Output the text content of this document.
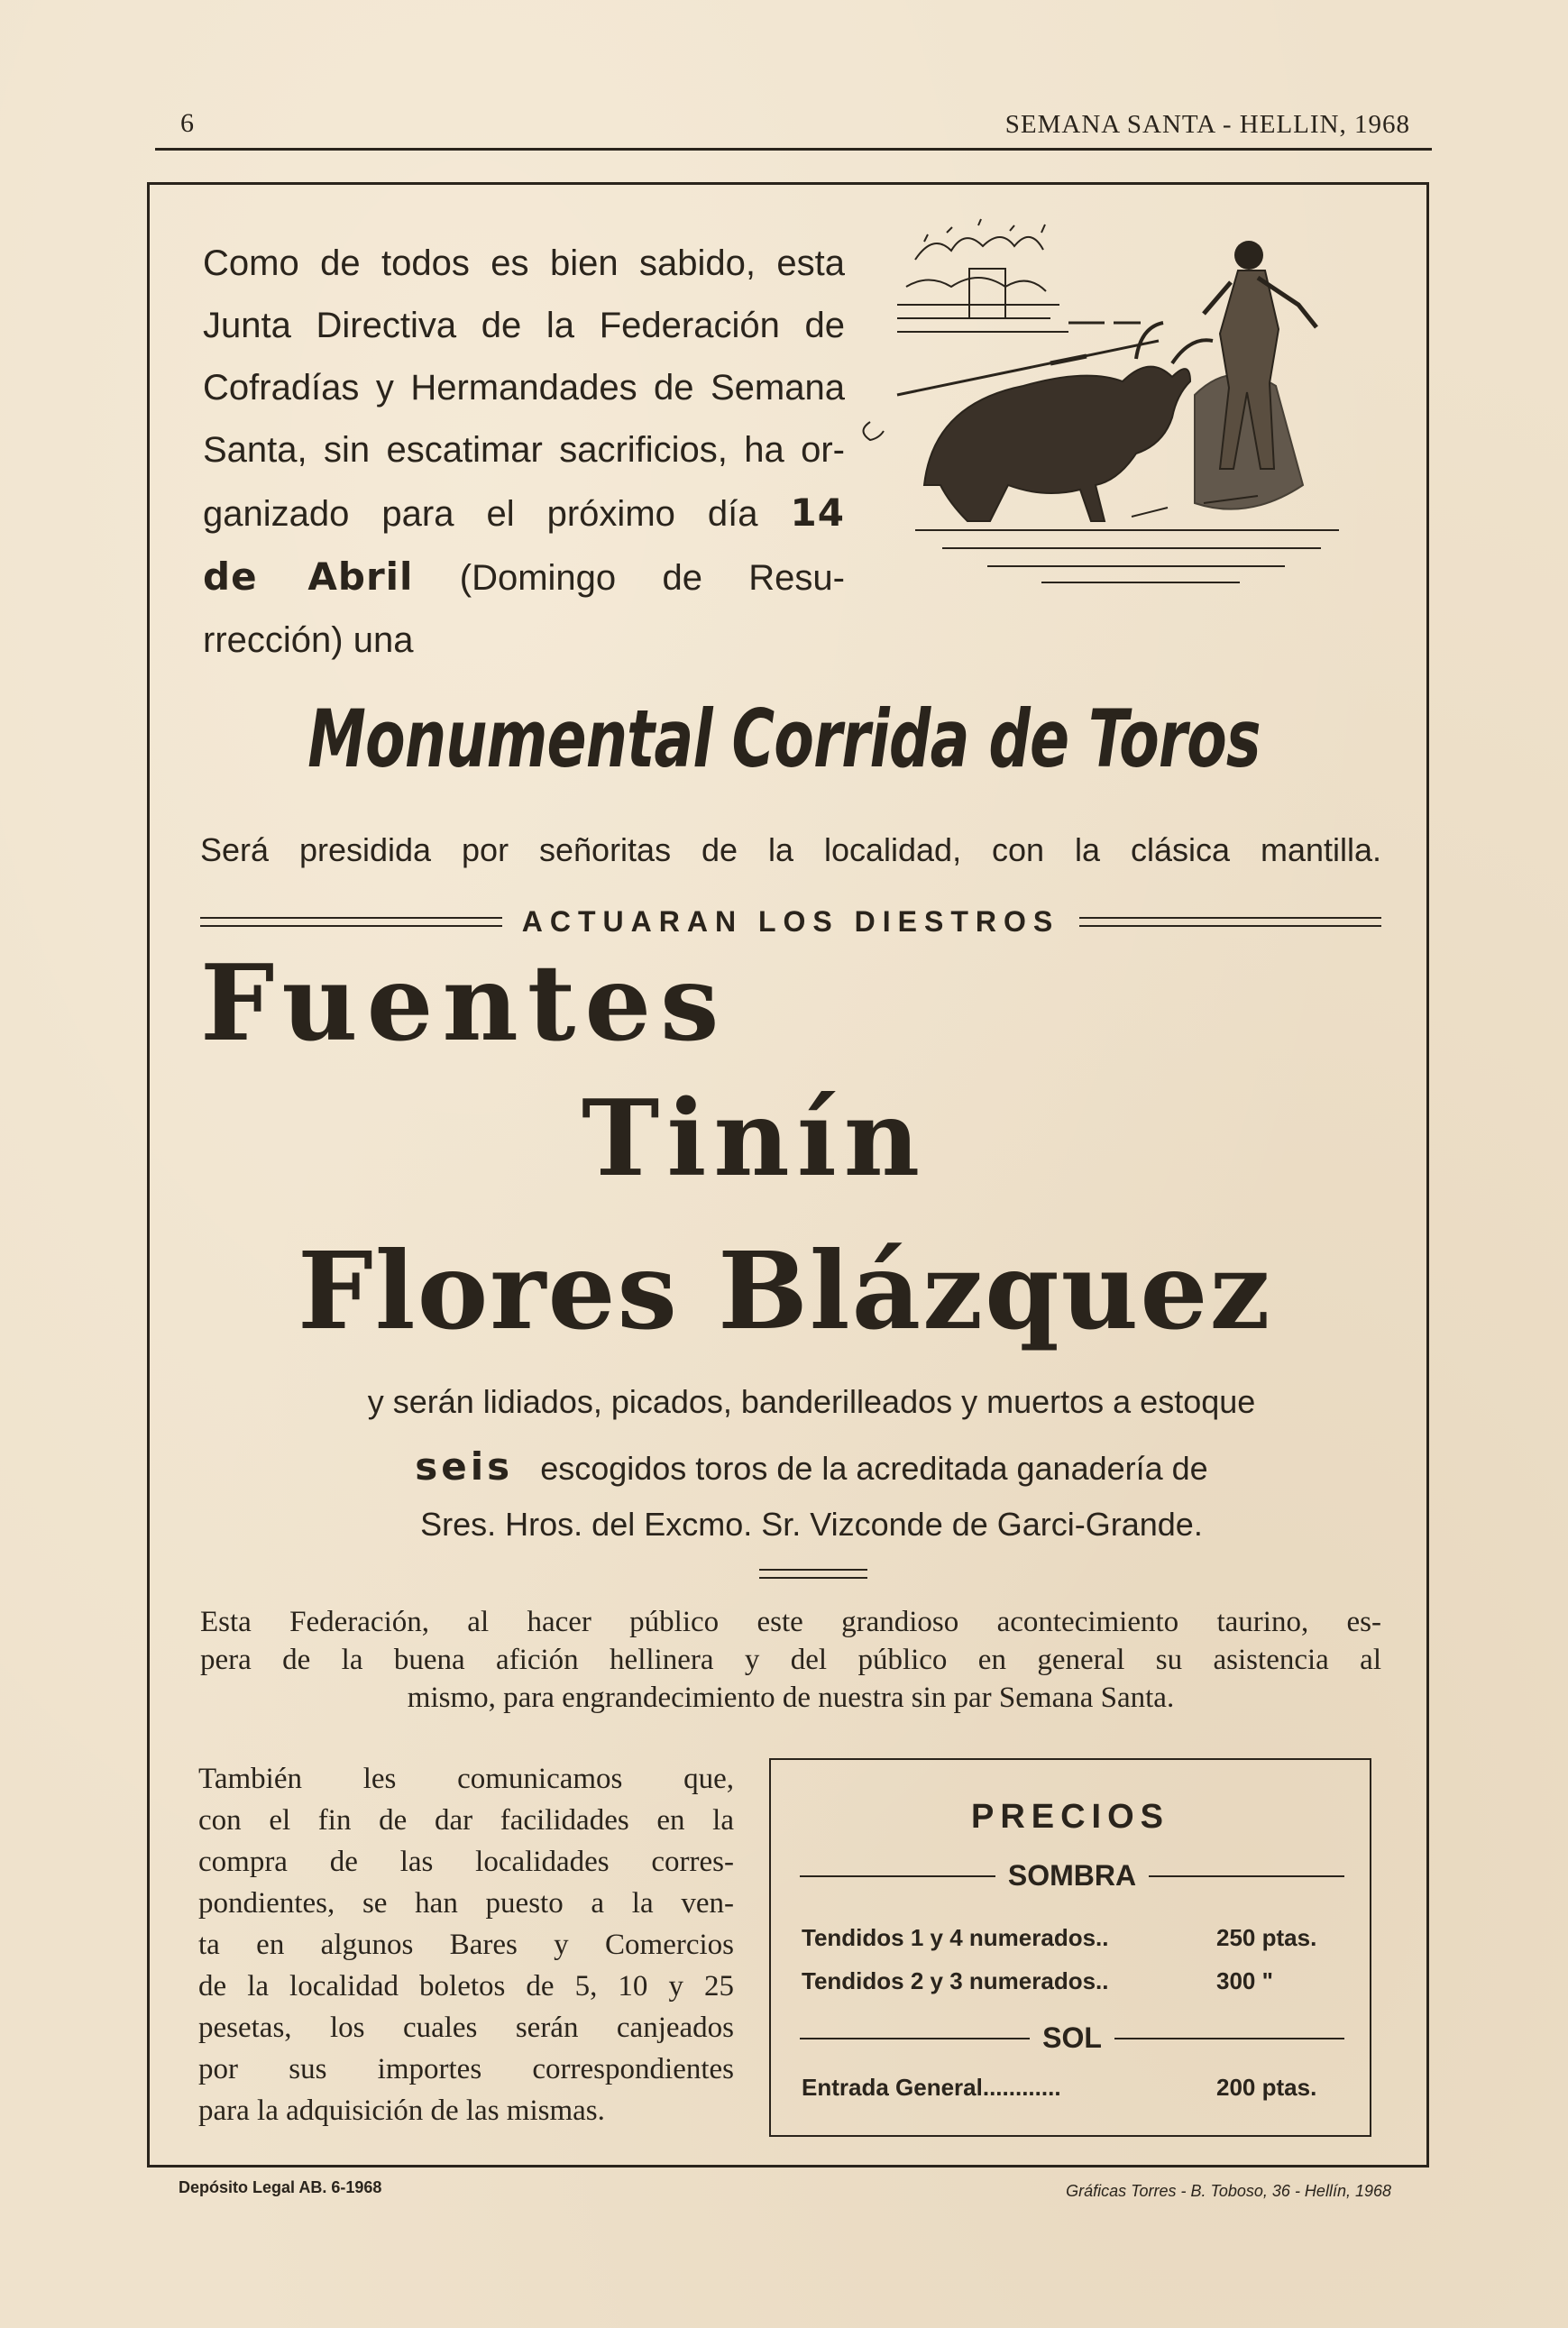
6	SEMANA SANTA - HELLIN, 1968
Como de todos es bien sabido, esta
Junta Directiva de la Federación de
Cofradías y Hermandades de Semana
Santa, sin escatimar sacrificios, ha or-
ganizado para el próximo día 14
de Abril (Domingo de Resu-
rrección) una
Monumental Corrida de Toros
Será presidida por señoritas de la localidad, con la clásica mantilla.
ACTUARAN LOS DIESTROS
Fuentes
Tinín
Flores Blázquez
y serán lidiados, picados, banderilleados y muertos a estoque
seis escogidos toros de la acreditada ganadería de
Sres. Hros. del Excmo. Sr. Vizconde de Garci-Grande.
Esta Federación, al hacer público este grandioso acontecimiento taurino, es-
pera de la buena afición hellinera y del público en general su asistencia al
mismo, para engrandecimiento de nuestra sin par Semana Santa.
También les comunicamos que,
con el fin de dar facilidades en la
compra de las localidades corres-
pondientes, se han puesto a la ven-
ta en algunos Bares y Comercios
de la localidad boletos de 5, 10 y 25
pesetas, los cuales serán canjeados
por sus importes correspondientes
para la adquisición de las mismas.
PRECIOS
SOMBRA
Tendidos 1 y 4 numerados..	250 ptas.
Tendidos 2 y 3 numerados..	300 "
SOL
Entrada General............	200 ptas.
Depósito Legal AB. 6-1968	Gráficas Torres - B. Toboso, 36 - Hellín, 1968
